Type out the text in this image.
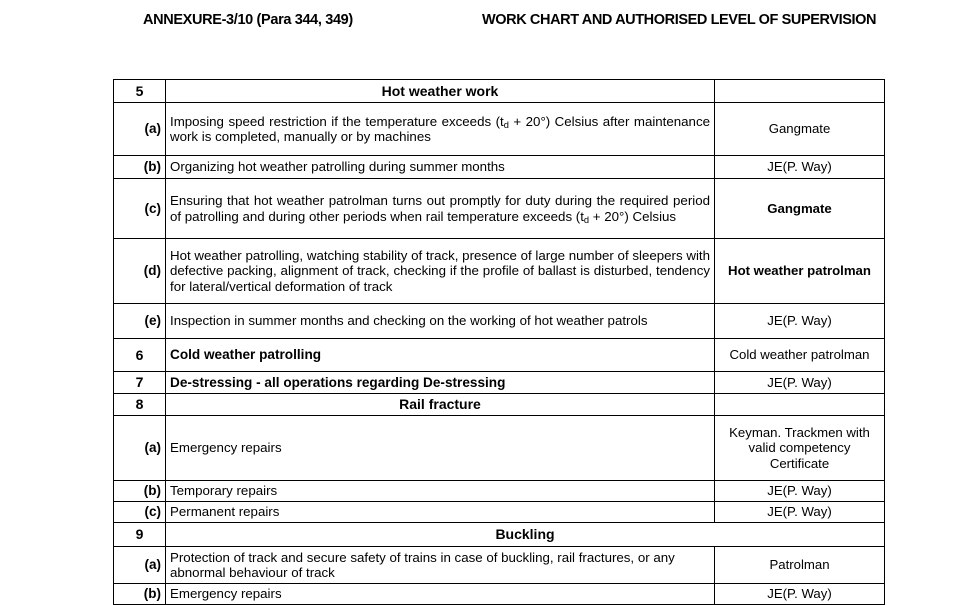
ANNEXURE-3/10 (Para 344, 349)	WORK CHART AND AUTHORISED LEVEL OF SUPERVISION
5	Hot weather work	
(a)	Imposing speed restriction if the temperature exceeds $(t_d + 20^\circ)$ Celsius after maintenance work is completed, manually or by machines	Gangmate
(b)	Organizing hot weather patrolling during summer months	JE(P. Way)
(c)	Ensuring that hot weather patrolman turns out promptly for duty during the required period of patrolling and during other periods when rail temperature exceeds $(t_d + 20^\circ)$ Celsius	Gangmate
(d)	Hot weather patrolling, watching stability of track, presence of large number of sleepers with defective packing, alignment of track, checking if the profile of ballast is disturbed, tendency for lateral/vertical deformation of track	Hot weather patrolman
(e)	Inspection in summer months and checking on the working of hot weather patrols	JE(P. Way)
6	Cold weather patrolling	Cold weather patrolman
7	De-stressing - all operations regarding De-stressing	JE(P. Way)
8	Rail fracture	
(a)	Emergency repairs	Keyman. Trackmen with valid competency Certificate
(b)	Temporary repairs	JE(P. Way)
(c)	Permanent repairs	JE(P. Way)
9	Buckling	
(a)	Protection of track and secure safety of trains in case of buckling, rail fractures, or any abnormal behaviour of track	Patrolman
(b)	Emergency repairs	JE(P. Way)
